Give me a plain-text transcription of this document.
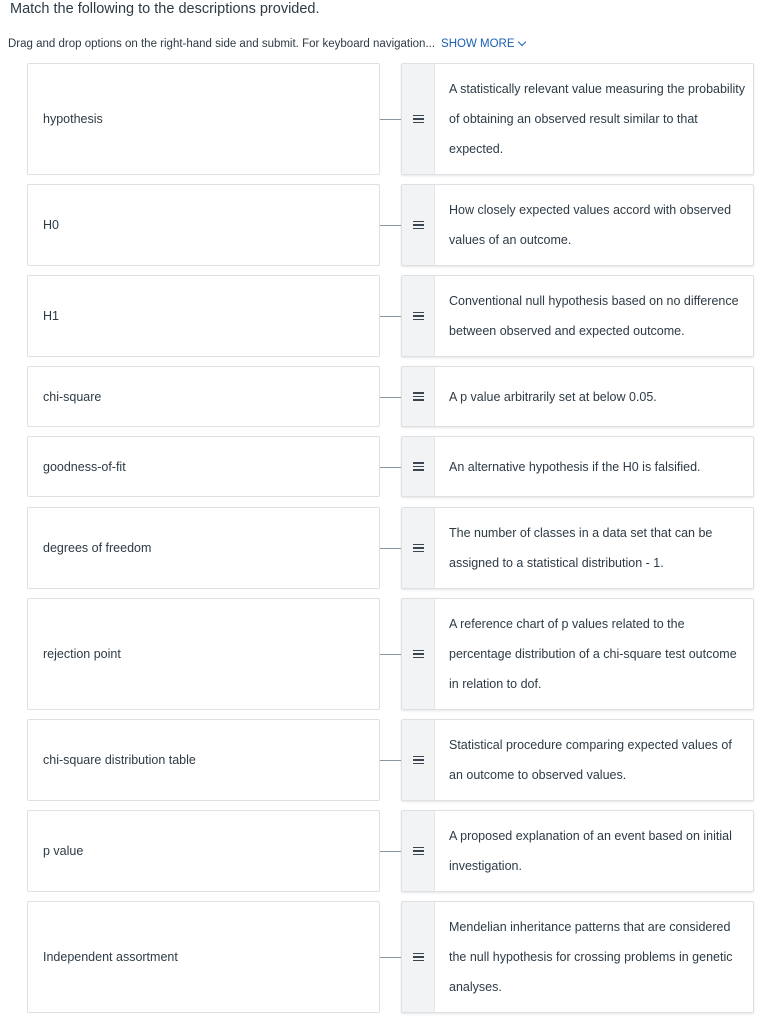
Match the following to the descriptions provided.
Drag and drop options on the right-hand side and submit. For keyboard navigation... SHOW MORE
hypothesis
A statistically relevant value measuring the probability of obtaining an observed result similar to that expected.
H0
How closely expected values accord with observed values of an outcome.
H1
Conventional null hypothesis based on no difference between observed and expected outcome.
chi-square	A p value arbitrarily set at below 0.05.
goodness-of-fit	An alternative hypothesis if the H0 is falsified.
degrees of freedom
The number of classes in a data set that can be assigned to a statistical distribution - 1.
rejection point
A reference chart of p values related to the percentage distribution of a chi-square test outcome in relation to dof.
chi-square distribution table
Statistical procedure comparing expected values of an outcome to observed values.
p value
A proposed explanation of an event based on initial investigation.
Independent assortment
Mendelian inheritance patterns that are considered the null hypothesis for crossing problems in genetic analyses.
